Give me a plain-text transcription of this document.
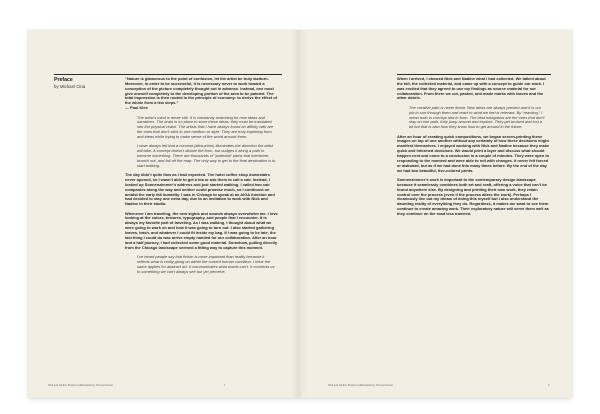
Preface
by Michael Cina
“Nature is glamorous to the point of confusion, let the artist be truly taciturn. Moreover, in order to be successful, it is necessary never to work toward a conception of the picture completely thought out in advance. Instead, one must give oneself completely to the developing portion of the area to be painted. The total impression is then rooted in the principle of economy: to derive the effect of the whole from a few steps.”
— Paul Klee
The artist’s mind is never still. It is constantly searching for new ideas and narratives. The brain is no place to store these ideas; they must be translated into the physical realm. The artists that I have always found an affinity with are the ones that don’t stick to one medium or style. They are truly exploring form and ideas while trying to make sense of the world around them.
I have always felt that a concept (idea,whim) illuminates the direction the artist will take. A concept doesn’t dictate the form, but nudges it along a path to become something. There are thousands of “potential” paths that intertwine, branch out, and fall off the map. The only way to get to the final destination is to start walking.
The day didn’t quite flow as I had expected. The hotel coffee shop downstairs never opened, so I wasn’t able to get a tea or ask them to call a cab. Instead, I looked up Sonnenzimmer’s address and just started walking. I called two cab companies along the way and neither could promise much, so I continued on amidst the early fall humidity. I was in Chicago to speak at an AIGA function and had decided to stay one extra day, due to an invitation to work with Nick and Nadine in their studio.
Whenever I am traveling, the new sights and sounds always overwhelm me. I love looking at the colors, textures, typography, and people that I encounter. It is always my favorite part of traveling. As I was walking, I thought about what we were going to work on and how it was going to turn out. I also started gathering leaves, trash, and whatever I could fit inside my bag. If I was going to be late, the last thing I could do was arrive empty handed for our collaboration. After an hour and a half journey, I had collected some good material. Somehow, pulling directly from the Chicago landscape seemed a fitting way to capture this moment.
I’ve heard people say that fiction is more important than reality because it reflects what is really going on within the current human condition. I think the same applies for abstract art. It communicates what words can’t. It connects us to something we can’t always see but yet perceive.
Nick and Nadine Project Collaboration by Sonnenzimmer	1
When I arrived, I showed Nick and Nadine what I had collected. We talked about the fall, the collected material, and came up with a concept to guide our work. I was excited that they agreed to use my findings as source material for our collaboration. From there we cut, pasted, and made marks with leaves and the other debris.
The creative path is never linear. New ideas are always present and it is our job to sort through them and react to what we feel is relevant. By “reacting,” I mean both in concept and in form. The best navigators are the ones that don’t stay on one path, they jump around and explore. They get bruised and lost a bit but that is also how they know how to get around in the future.
After an hour of creating quick compositions, we began screen-printing these images on top of one another without any certainty of how these decisions might manifest themselves. I enjoyed working with Nick and Nadine because they make quick and informed decisions. We would print a layer and discuss what should happen next and come to a conclusion in a couple of minutes. They were open to responding to the moment and were able to roll with changes. It never felt forced or awkward, but as if we had done this many times before. By the end of the day we had two beautiful, five-colored prints.
Sonnenzimmer’s work is important to the contemporary design landscape because it seamlessly combines both art and craft, offering a voice that can’t be found anywhere else. By designing and printing their own work, they retain control over the process (even if the process alters the work). Perhaps I vicariously live out my dream of doing this myself but I also understand the daunting reality of everything they do. Regardless, it makes me want to see them continue to create amazing work. Their exploratory nature will serve them well as they continue on the road less traveled.
Nick and Nadine Project Collaboration by Sonnenzimmer	2
